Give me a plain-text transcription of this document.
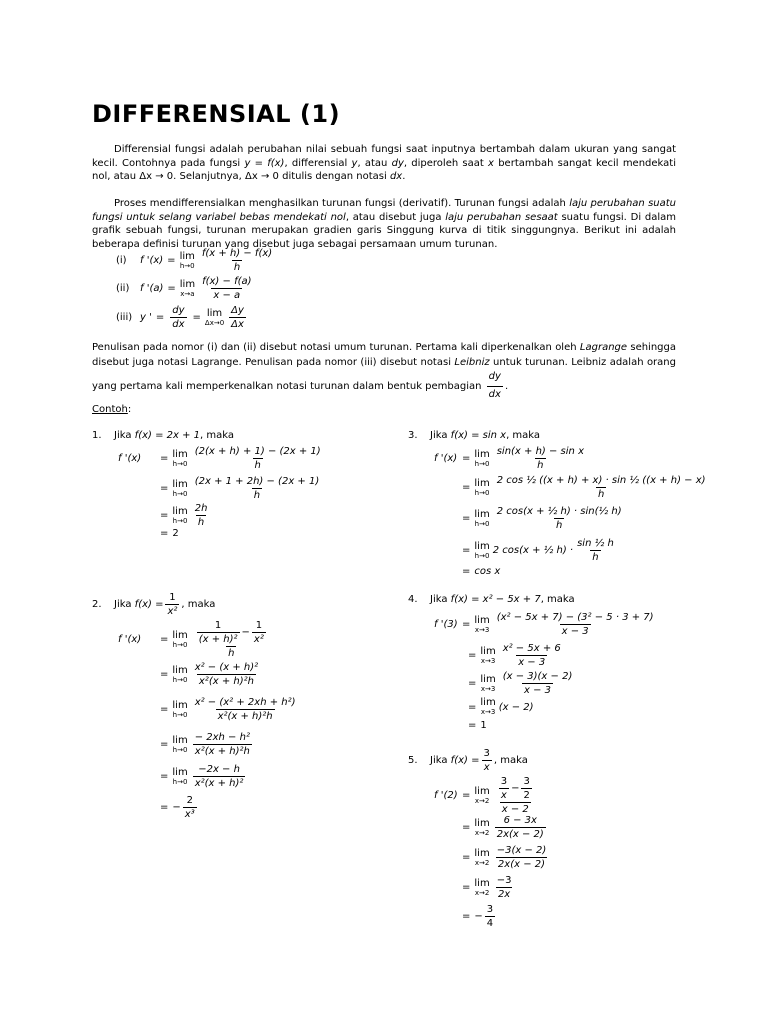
DIFFERENSIAL (1)
Differensial fungsi adalah perubahan nilai sebuah fungsi saat inputnya bertambah dalam ukuran yang sangat kecil. Contohnya pada fungsi y = f(x), differensial y, atau dy, diperoleh saat x bertambah sangat kecil mendekati nol, atau Δx → 0. Selanjutnya, Δx → 0 ditulis dengan notasi dx.
Proses mendifferensialkan menghasilkan turunan fungsi (derivatif). Turunan fungsi adalah laju perubahan suatu fungsi untuk selang variabel bebas mendekati nol, atau disebut juga laju perubahan sesaat suatu fungsi. Di dalam grafik sebuah fungsi, turunan merupakan gradien garis Singgung kurva di titik singgungnya. Berikut ini adalah beberapa definisi turunan yang disebut juga sebagai persamaan umum turunan.
(i)	f '(x) = lim
$h\to 0 \frac{f(x + h) - f(x)}{h}$
(ii)	f '(a) = lim
$x\to a \frac{f(x) - f(a)}{x - a}$
(iii) y ' = $\frac{dy}{dx} = \lim$
$\Delta x\to 0 \frac{\Delta y}{\Delta x}$
Penulisan pada nomor (i) dan (ii) disebut notasi umum turunan. Pertama kali diperkenalkan oleh Lagrange sehingga disebut juga notasi Lagrange. Penulisan pada nomor (iii) disebut notasi Leibniz untuk turunan. Leibniz adalah orang yang pertama kali memperkenalkan notasi turunan dalam bentuk pembagian $\frac{dy}{dx}$ .
Contoh:
1.	Jika
f(x) = 2x + 1 , maka
f '(x)	= lim
$h\to 0 \frac{(2(x + h) + 1) - (2x + 1)}{h}$
= lim
$h\to 0 \frac{(2x + 1 + 2h) - (2x + 1)}{h}$
= lim
$h\to 0 \frac{2h}{h}$
= 2
3.	Jika
f(x) = sin x , maka
f '(x) = lim
$h\to 0 \frac{\text{sin(x + h) − sin x}}{h}$
= lim
$h\to 0 \frac{\text{2 cos ½ ((x + h) + x) · sin ½ ((x + h) − x)}}{h}$
= lim
$h\to 0 \frac{\text{2 cos(x + ½ h) · sin(½ h)}}{h}$
= lim
h→0 2 cos(x + ½ $h) \cdot \frac{\text{sin ½ h}}{h}$
= cos x
2.	Jika
$f(x) = \frac{1}{\text{x²}}$ , maka
f '(x)	= lim
$h\to 0 \frac{\frac{1}{\text{(x + h)²}} - \frac{1}{\text{x²}}}{h}$
= lim
$h\to 0 \frac{\text{x² − (x + h)²}}{\text{x²(x + h)²h}}$
= lim
$h\to 0 \frac{\text{x² − (x² + 2xh + h²)}}{\text{x²(x + h)²h}}$
= lim
$h\to 0 \frac{\text{− 2xh − h²}}{\text{x²(x + h)²h}}$
= lim
$h\to 0 \frac{-2x - h}{\text{x²(x + h)²}}$
= − $\frac{2}{\text{x³}}$
4.	Jika
f(x) = x² − 5x + 7 , maka
f '(3) = lim
$x\to 3 \frac{\text{(x² − 5x + 7) − (3² − 5 · 3 + 7)}}{x - 3}$
= lim
$x\to 3 \frac{\text{x² − 5x + 6}}{x - 3}$
= lim
$x\to 3 \frac{(x - 3)(x - 2)}{x - 3}$
= lim
x→3 (x − 2)
= 1
5.	Jika
$f(x) = \frac{3}{x}$ , maka
f '(2) = lim
$x\to 2 \frac{\frac{3}{x} - \frac{3}{2}}{x - 2}$
= lim
$x\to 2 \frac{6 - 3x}{2x(x - 2)}$
= lim
$x\to 2 \frac{-3(x - 2)}{2x(x - 2)}$
= lim
$x\to 2 \frac{-3}{2x}$
= − $\frac{3}{4}$
